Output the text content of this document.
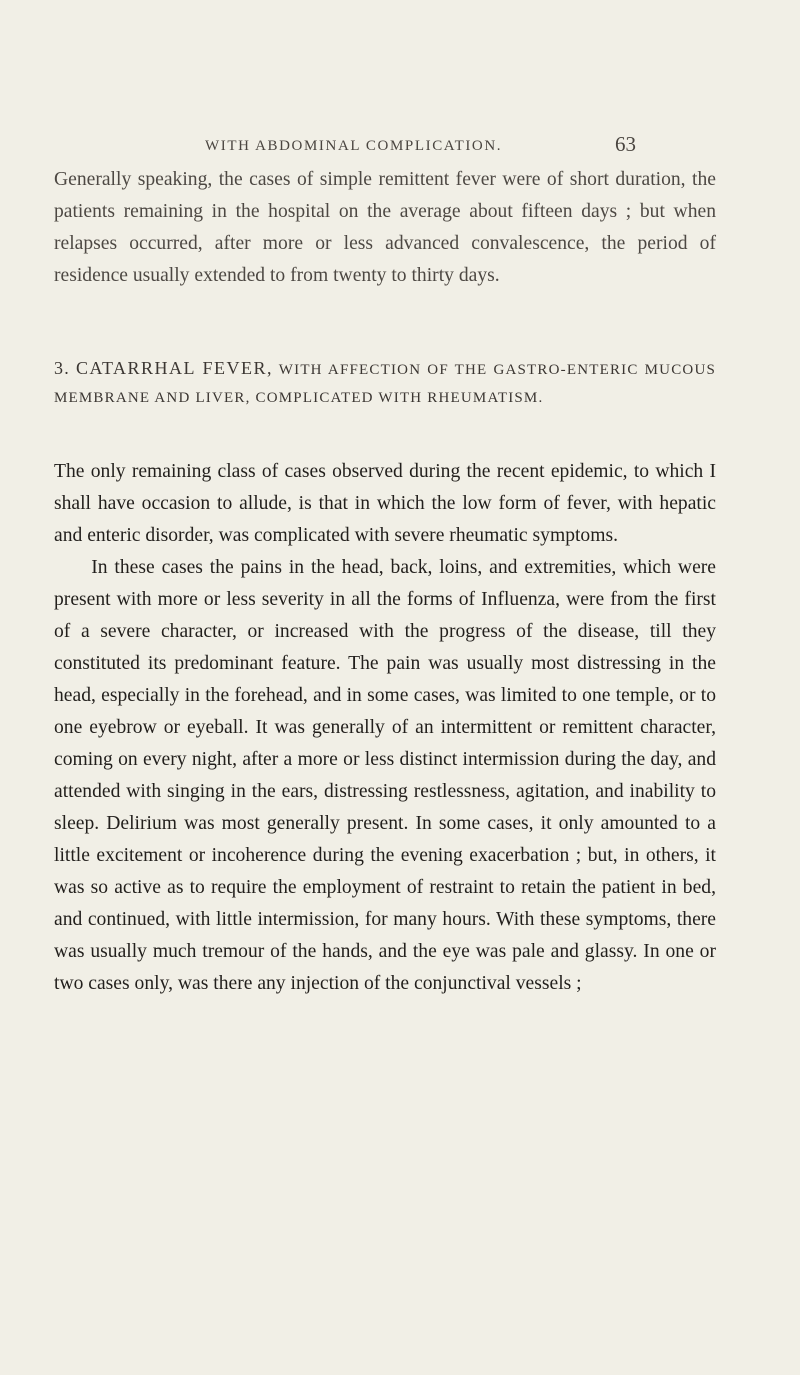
WITH ABDOMINAL COMPLICATION.	63

Generally speaking, the cases of simple remittent fever were of short duration, the patients remaining in the hospital on the average about fifteen days ; but when relapses occurred, after more or less advanced convalescence, the period of residence usually extended to from twenty to thirty days.

3. CATARRHAL FEVER, WITH AFFECTION OF THE GASTRO-ENTERIC MUCOUS MEMBRANE AND LIVER, COMPLICATED WITH RHEUMATISM.

The only remaining class of cases observed during the recent epidemic, to which I shall have occasion to allude, is that in which the low form of fever, with hepatic and enteric disorder, was complicated with severe rheumatic symptoms.

In these cases the pains in the head, back, loins, and extremities, which were present with more or less severity in all the forms of Influenza, were from the first of a severe character, or increased with the progress of the disease, till they constituted its predominant feature. The pain was usually most distressing in the head, especially in the forehead, and in some cases, was limited to one temple, or to one eyebrow or eyeball. It was generally of an intermittent or remittent character, coming on every night, after a more or less distinct intermission during the day, and attended with singing in the ears, distressing restlessness, agitation, and inability to sleep. Delirium was most generally present. In some cases, it only amounted to a little excitement or incoherence during the evening exacerbation ; but, in others, it was so active as to require the employment of restraint to retain the patient in bed, and continued, with little intermission, for many hours. With these symptoms, there was usually much tremour of the hands, and the eye was pale and glassy. In one or two cases only, was there any injection of the conjunctival vessels ;
